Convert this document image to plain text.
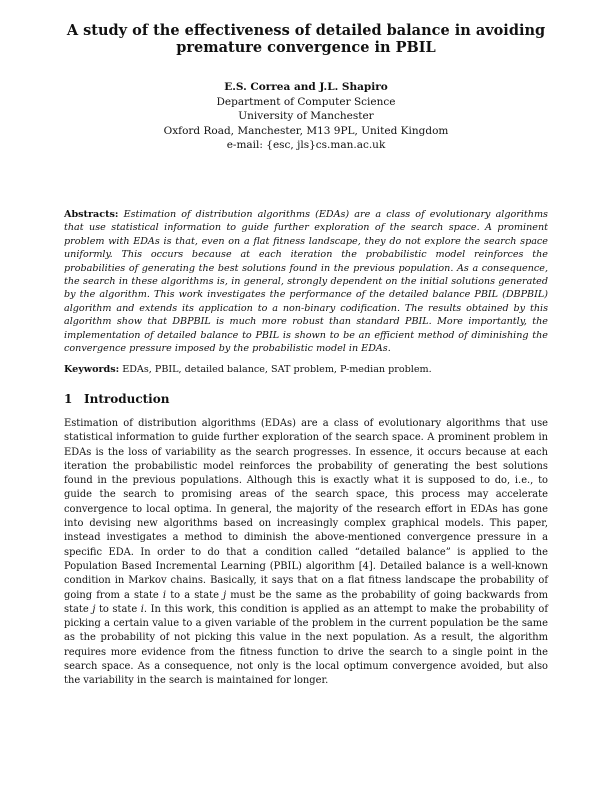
A study of the effectiveness of detailed balance in avoiding
premature convergence in PBIL
E.S. Correa and J.L. Shapiro
Department of Computer Science
University of Manchester
Oxford Road, Manchester, M13 9PL, United Kingdom
e-mail: {esc, jls}cs.man.ac.uk

Abstracts: Estimation of distribution algorithms (EDAs) are a class of evolutionary algorithms that use statistical information to guide further exploration of the search space. A prominent problem with EDAs is that, even on a flat fitness landscape, they do not explore the search space uniformly. This occurs because at each iteration the probabilistic model reinforces the probabilities of generating the best solutions found in the previous population. As a consequence, the search in these algorithms is, in general, strongly dependent on the initial solutions generated by the algorithm. This work investigates the performance of the detailed balance PBIL (DBPBIL) algorithm and extends its application to a non-binary codification. The results obtained by this algorithm show that DBPBIL is much more robust than standard PBIL. More importantly, the implementation of detailed balance to PBIL is shown to be an efficient method of diminishing the convergence pressure imposed by the probabilistic model in EDAs.

Keywords: EDAs, PBIL, detailed balance, SAT problem, P-median problem.

1 Introduction

Estimation of distribution algorithms (EDAs) are a class of evolutionary algorithms that use statistical information to guide further exploration of the search space. A prominent problem in EDAs is the loss of variability as the search progresses. In essence, it occurs because at each iteration the probabilistic model reinforces the probability of generating the best solutions found in the previous populations. Although this is exactly what it is supposed to do, i.e., to guide the search to promising areas of the search space, this process may accelerate convergence to local optima. In general, the majority of the research effort in EDAs has gone into devising new algorithms based on increasingly complex graphical models. This paper, instead investigates a method to diminish the above-mentioned convergence pressure in a specific EDA. In order to do that a condition called “detailed balance” is applied to the Population Based Incremental Learning (PBIL) algorithm [4]. Detailed balance is a well-known condition in Markov chains. Basically, it says that on a flat fitness landscape the probability of going from a state i to a state j must be the same as the probability of going backwards from state j to state i. In this work, this condition is applied as an attempt to make the probability of picking a certain value to a given variable of the problem in the current population be the same as the probability of not picking this value in the next population. As a result, the algorithm requires more evidence from the fitness function to drive the search to a single point in the search space. As a consequence, not only is the local optimum convergence avoided, but also the variability in the search is maintained for longer.
